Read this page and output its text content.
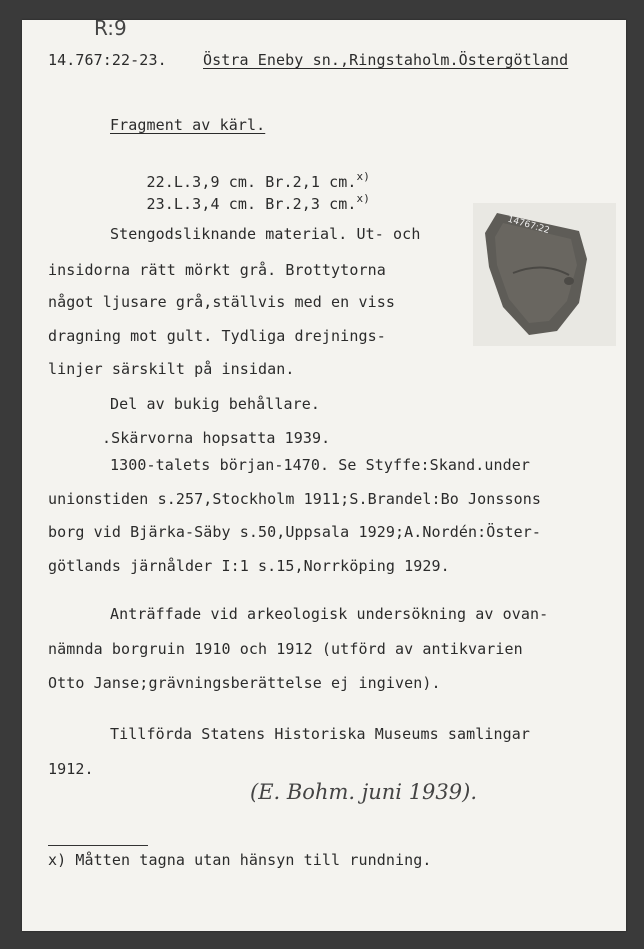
R:9
14.767:22-23. Östra Eneby sn.,Ringstaholm.Östergötland
Fragment av kärl.

22.L.3,9 cm. Br.2,1 cm.$^{x)}$

23.L.3,4 cm. Br.2,3 cm.$^{x)}$

Stengodsliknande material. Ut- och
insidorna rätt mörkt grå. Brottytorna
något ljusare grå,ställvis med en viss
dragning mot gult. Tydliga drejnings-
linjer särskilt på insidan.
Del av bukig behållare.
.Skärvorna hopsatta 1939.
1300-talets början-1470. Se Styffe:Skand.under
unionstiden s.257,Stockholm 1911;S.Brandel:Bo Jonssons
borg vid Bjärka-Säby s.50,Uppsala 1929;A.Nordén:Öster-
götlands järnålder I:1 s.15,Norrköping 1929.
Anträffade vid arkeologisk undersökning av ovan-
nämnda borgruin 1910 och 1912 (utförd av antikvarien
Otto Janse;grävningsberättelse ej ingiven).
Tillförda Statens Historiska Museums samlingar
1912.
(E. Bohm. juni 1939).
14767:22
x) Måtten tagna utan hänsyn till rundning.
